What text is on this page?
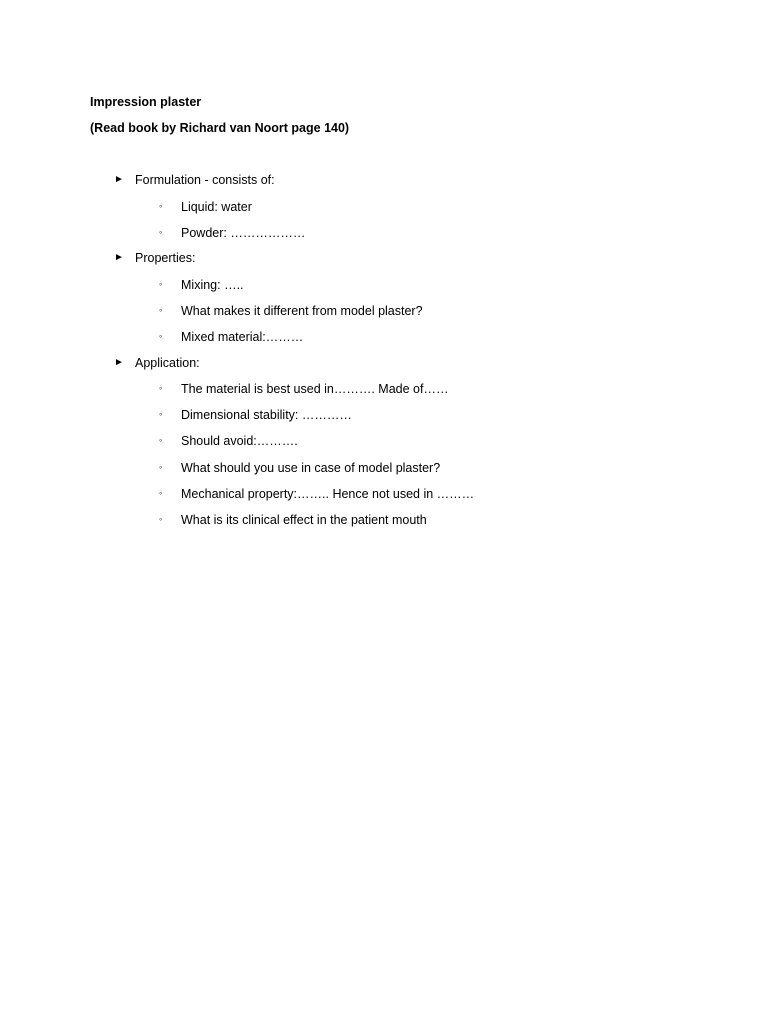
Impression plaster
(Read book by Richard van Noort page 140)
► Formulation - consists of:
◦ Liquid: water
◦ Powder: ………………
► Properties:
◦ Mixing: …..
◦ What makes it different from model plaster?
◦ Mixed material:………
► Application:
◦ The material is best used in………. Made of……
◦ Dimensional stability: …………
◦ Should avoid:……….
◦ What should you use in case of model plaster?
◦ Mechanical property:…….. Hence not used in ………
◦ What is its clinical effect in the patient mouth
